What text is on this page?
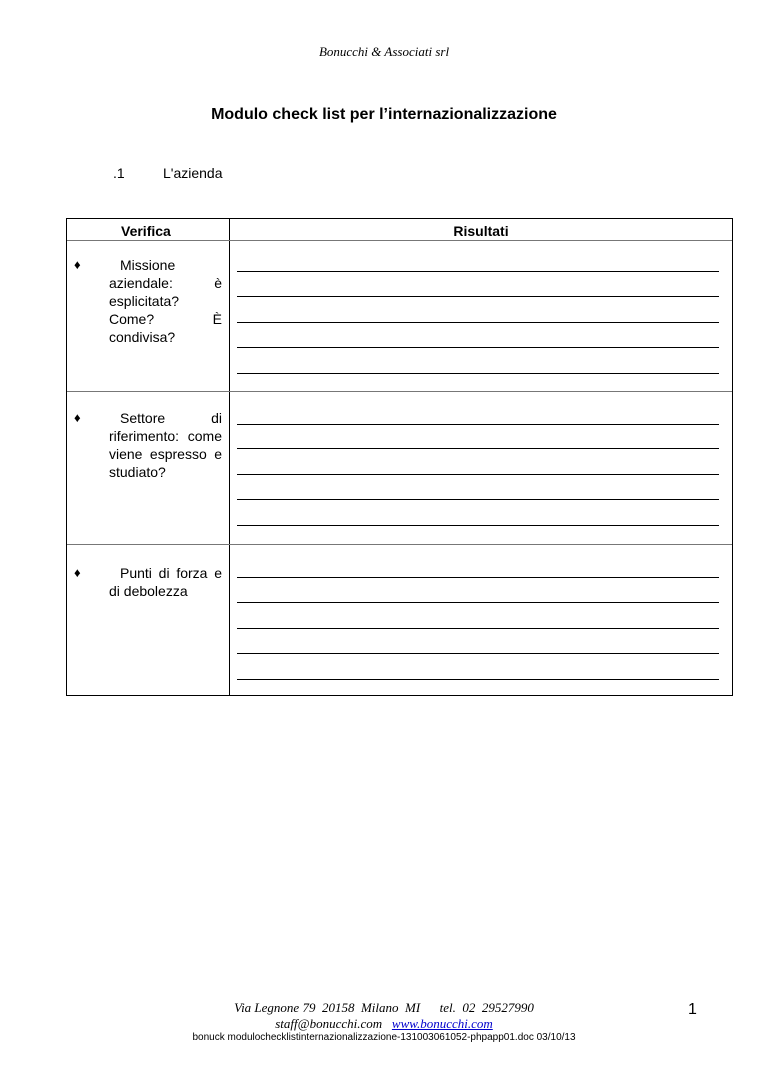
Bonucchi & Associati srl
Modulo check list per l’internazionalizzazione
.1	L'azienda
Verifica	Risultati
♦	Missione aziendale: è esplicitata? Come? È condivisa?
♦	Settore di riferimento: come viene espresso e studiato?
♦	Punti di forza e di debolezza
Via Legnone 79  20158  Milano  MI      tel.  02  29527990
staff@bonucchi.com www.bonucchi.com
bonuck modulochecklistinternazionalizzazione-131003061052-phpapp01.doc 03/10/13
1
